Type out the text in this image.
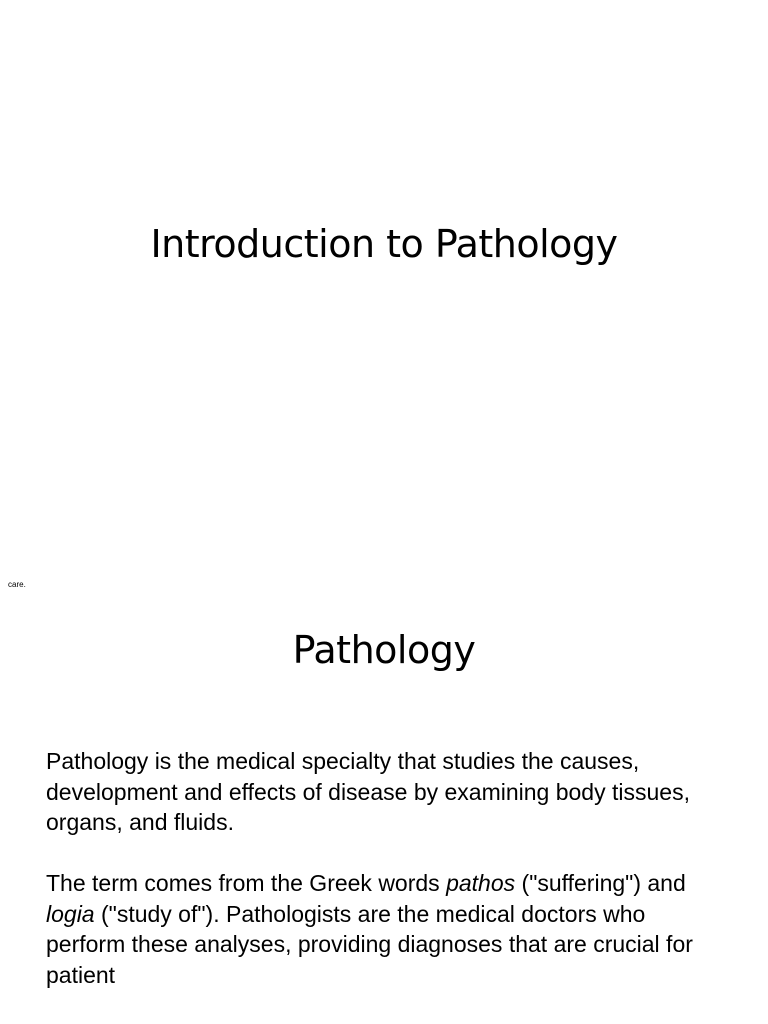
Introduction to Pathology
care.
Pathology

Pathology is the medical specialty that studies the causes, development and effects of disease by examining body tissues, organs, and fluids.

The term comes from the Greek words pathos ("suffering") and logia ("study of"). Pathologists are the medical doctors who perform these analyses, providing diagnoses that are crucial for patient
